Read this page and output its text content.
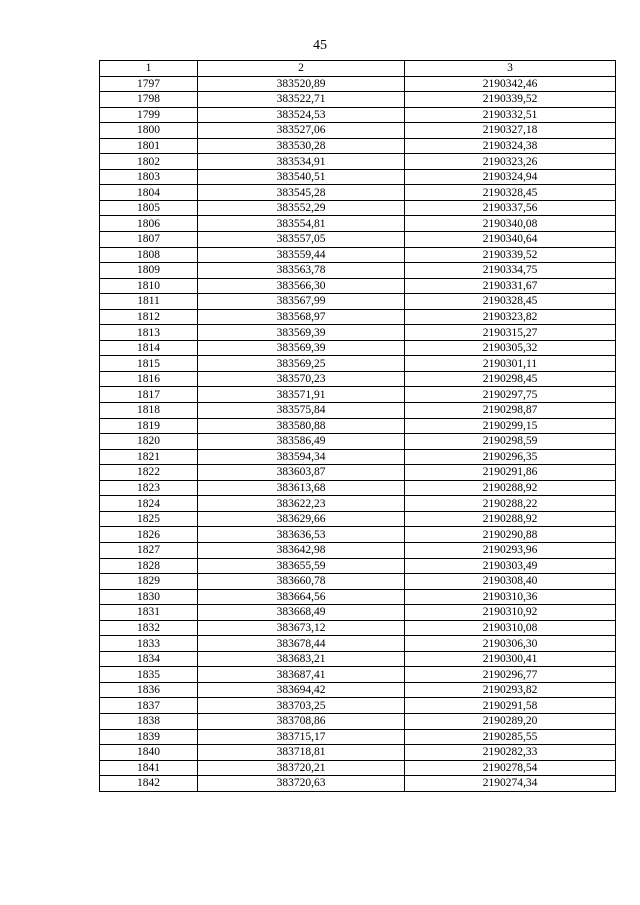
45
1	2	3
1797	383520,89	2190342,46
1798	383522,71	2190339,52
1799	383524,53	2190332,51
1800	383527,06	2190327,18
1801	383530,28	2190324,38
1802	383534,91	2190323,26
1803	383540,51	2190324,94
1804	383545,28	2190328,45
1805	383552,29	2190337,56
1806	383554,81	2190340,08
1807	383557,05	2190340,64
1808	383559,44	2190339,52
1809	383563,78	2190334,75
1810	383566,30	2190331,67
1811	383567,99	2190328,45
1812	383568,97	2190323,82
1813	383569,39	2190315,27
1814	383569,39	2190305,32
1815	383569,25	2190301,11
1816	383570,23	2190298,45
1817	383571,91	2190297,75
1818	383575,84	2190298,87
1819	383580,88	2190299,15
1820	383586,49	2190298,59
1821	383594,34	2190296,35
1822	383603,87	2190291,86
1823	383613,68	2190288,92
1824	383622,23	2190288,22
1825	383629,66	2190288,92
1826	383636,53	2190290,88
1827	383642,98	2190293,96
1828	383655,59	2190303,49
1829	383660,78	2190308,40
1830	383664,56	2190310,36
1831	383668,49	2190310,92
1832	383673,12	2190310,08
1833	383678,44	2190306,30
1834	383683,21	2190300,41
1835	383687,41	2190296,77
1836	383694,42	2190293,82
1837	383703,25	2190291,58
1838	383708,86	2190289,20
1839	383715,17	2190285,55
1840	383718,81	2190282,33
1841	383720,21	2190278,54
1842	383720,63	2190274,34
